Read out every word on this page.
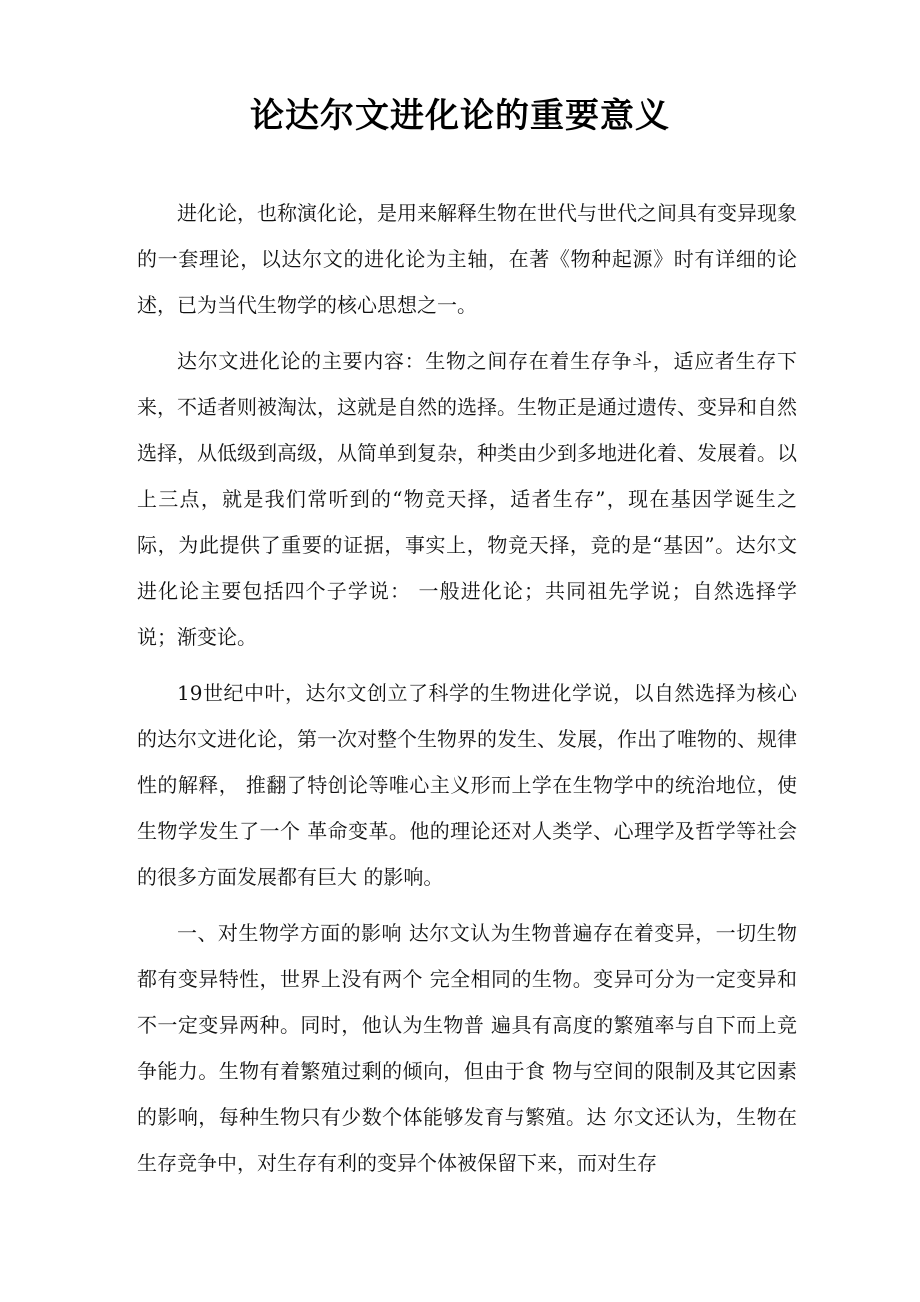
论达尔文进化论的重要意义

进化论，也称演化论，是用来解释生物在世代与世代之间具有变异现象的一套理论，以达尔文的进化论为主轴，在著《物种起源》时有详细的论述，已为当代生物学的核心思想之一。

达尔文进化论的主要内容：生物之间存在着生存争斗，适应者生存下来，不适者则被淘汰，这就是自然的选择。生物正是通过遗传、变异和自然选择，从低级到高级，从简单到复杂，种类由少到多地进化着、发展着。以上三点，就是我们常听到的“物竞天择，适者生存”，现在基因学诞生之际，为此提供了重要的证据，事实上，物竞天择，竞的是“基因”。达尔文进化论主要包括四个子学说： 一般进化论；共同祖先学说；自然选择学说；渐变论。

19世纪中叶，达尔文创立了科学的生物进化学说，以自然选择为核心的达尔文进化论，第一次对整个生物界的发生、发展，作出了唯物的、规律性的解释， 推翻了特创论等唯心主义形而上学在生物学中的统治地位，使生物学发生了一个 革命变革。他的理论还对人类学、心理学及哲学等社会的很多方面发展都有巨大 的影响。

一、对生物学方面的影响 达尔文认为生物普遍存在着变异，一切生物都有变异特性，世界上没有两个 完全相同的生物。变异可分为一定变异和不一定变异两种。同时，他认为生物普 遍具有高度的繁殖率与自下而上竞争能力。生物有着繁殖过剩的倾向，但由于食 物与空间的限制及其它因素的影响，每种生物只有少数个体能够发育与繁殖。达 尔文还认为，生物在生存竞争中，对生存有利的变异个体被保留下来，而对生存
